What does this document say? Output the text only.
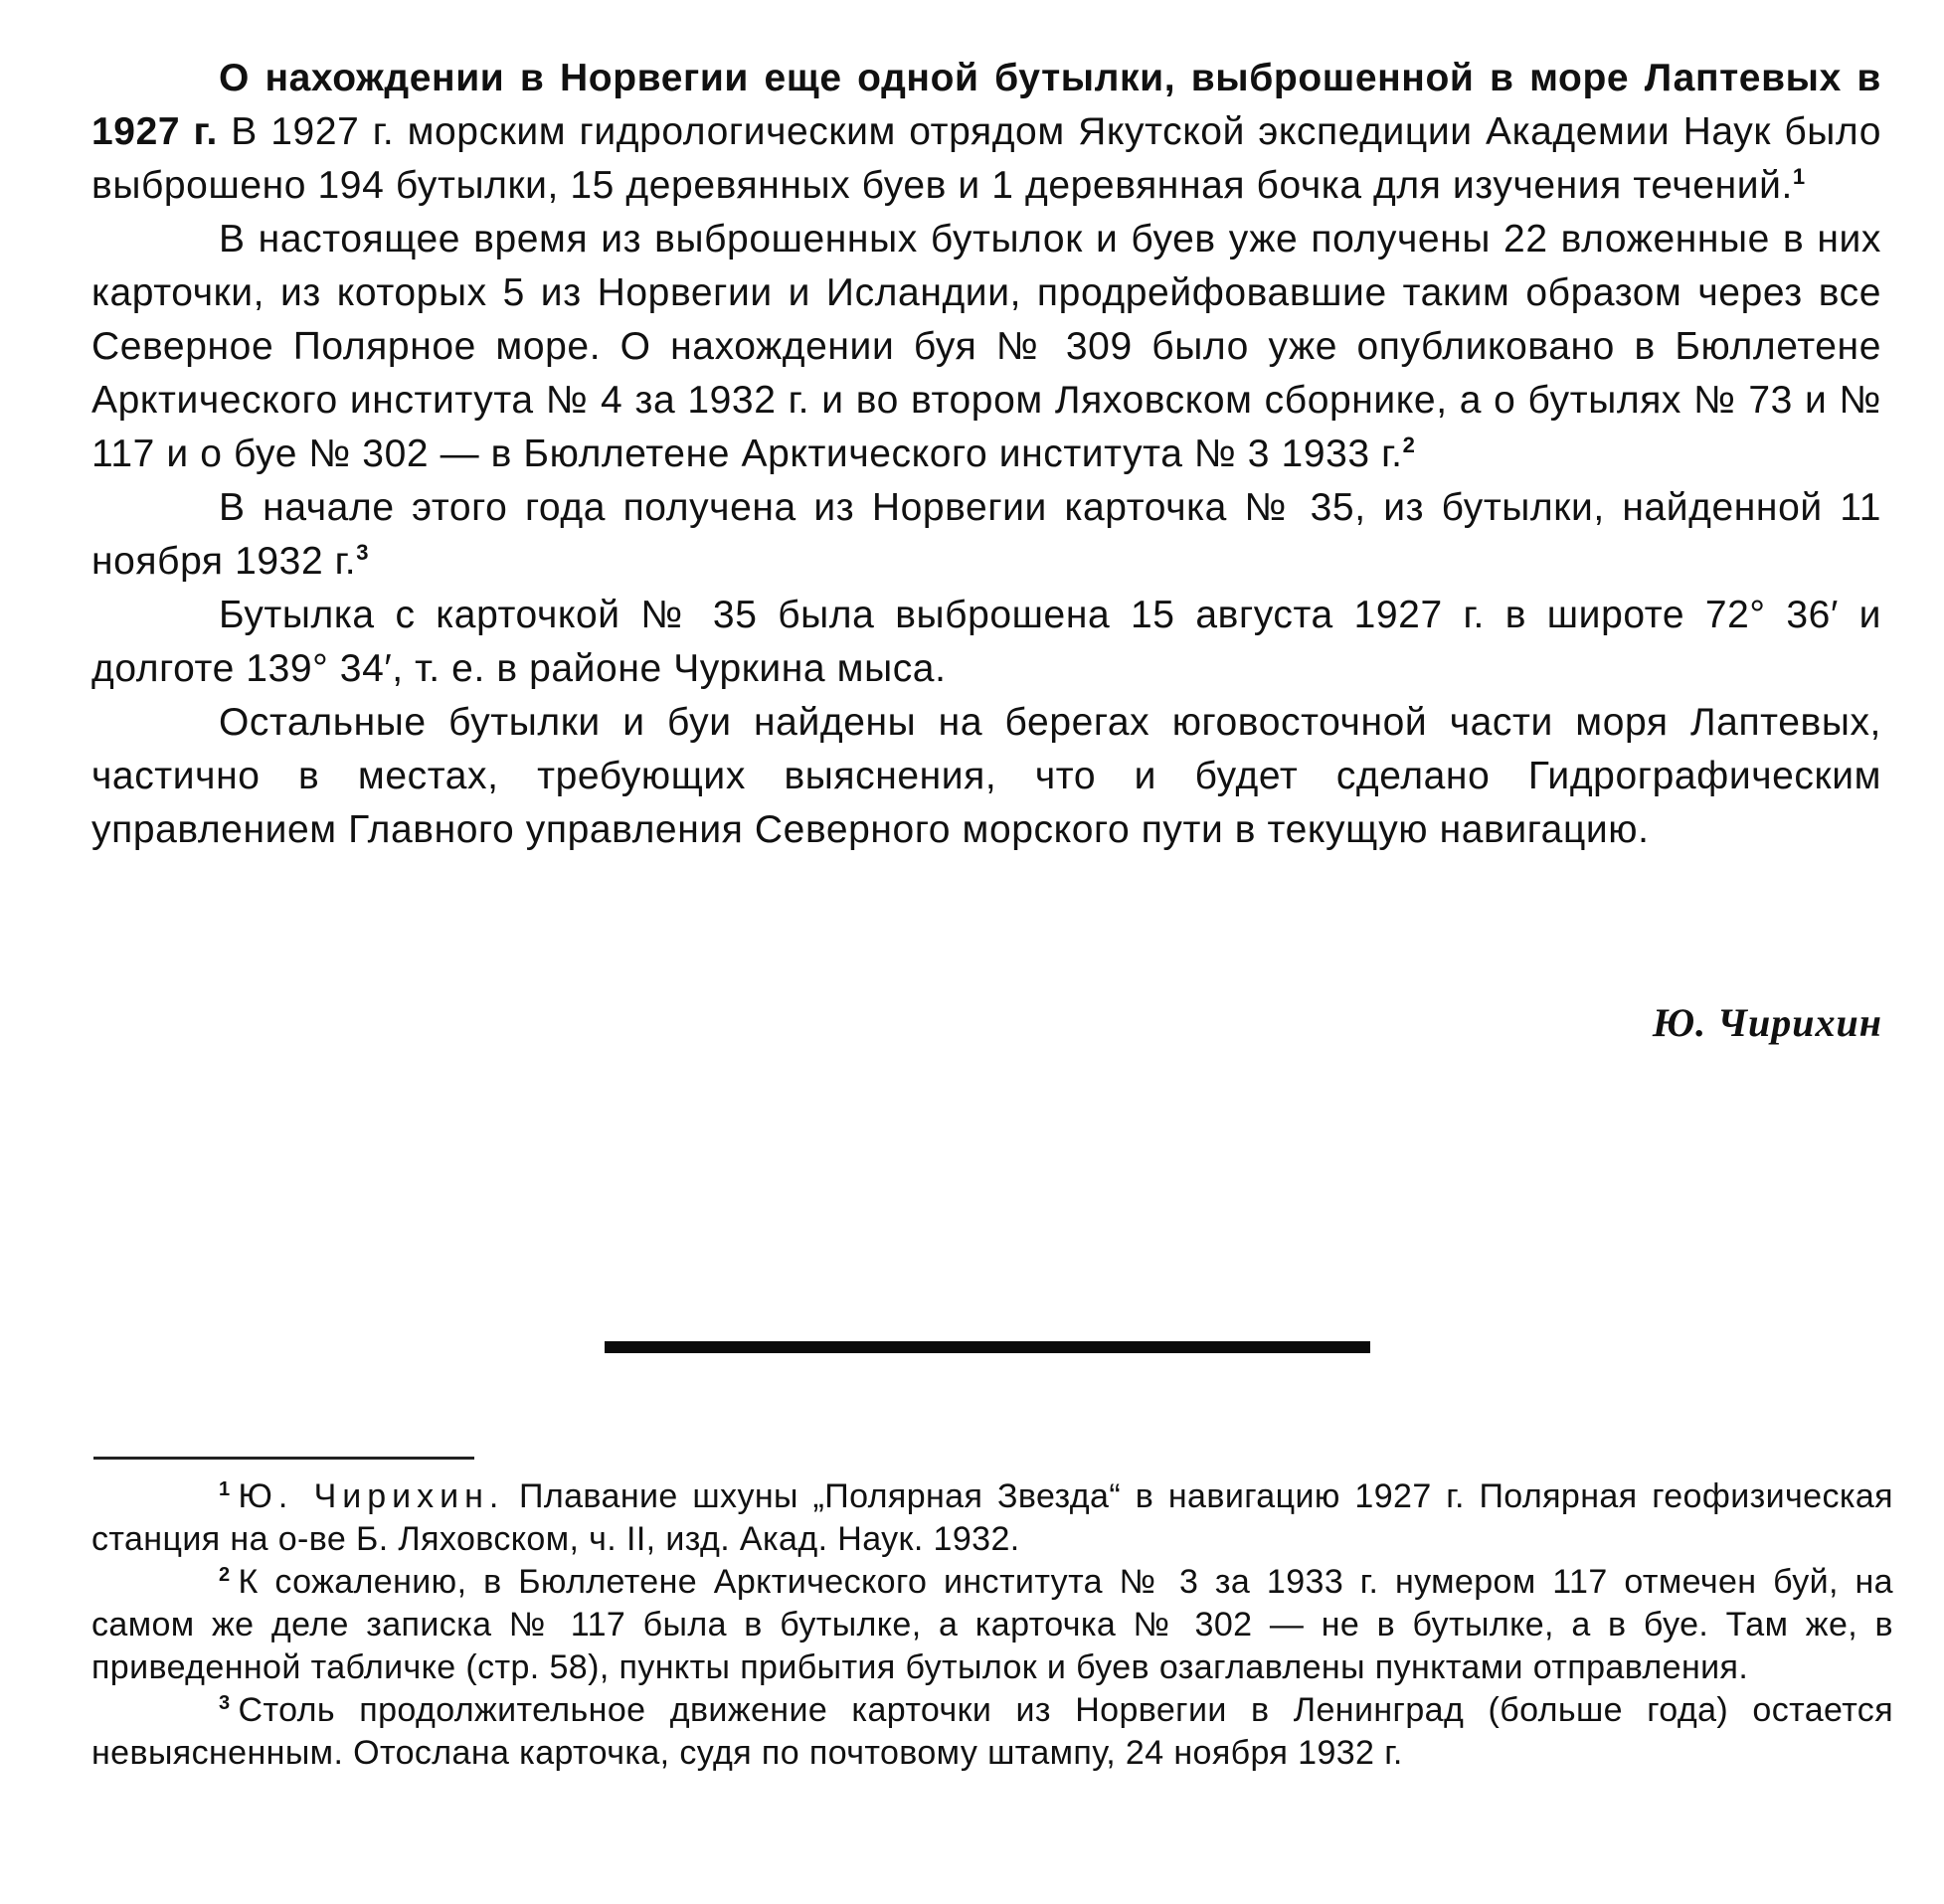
О нахождении в Норвегии еще одной бутылки, выброшенной в море Лаптевых в 1927 г. В 1927 г. морским гидрологическим отрядом Якутской экспедиции Академии Наук было выброшено 194 бутылки, 15 деревянных буев и 1 деревянная бочка для изучения течений.$^1$

В настоящее время из выброшенных бутылок и буев уже получены 22 вложенные в них карточки, из которых 5 из Норвегии и Исландии, продрейфовавшие таким образом через все Северное Полярное море. О нахождении буя № 309 было уже опубликовано в Бюллетене Арктического института № 4 за 1932 г. и во втором Ляховском сборнике, а о бутылях № 73 и № 117 и о буе № 302 — в Бюллетене Арктического института № 3 1933 г.$^2$

В начале этого года получена из Норвегии карточка № 35, из бутылки, найденной 11 ноября 1932 г.$^3$

Бутылка с карточкой № 35 была выброшена 15 августа 1927 г. в широте 72° 36′ и долготе 139° 34′, т. е. в районе Чуркина мыса.

Остальные бутылки и буи найдены на берегах юговосточной части моря Лаптевых, частично в местах, требующих выяснения, что и будет сделано Гидрографическим управлением Главного управления Северного морского пути в текущую навигацию.

Ю. Чирихин

$^1$ Ю. Чирихин. Плавание шхуны „Полярная Звезда“ в навигацию 1927 г. Полярная геофизическая станция на о-ве Б. Ляховском, ч. II, изд. Акад. Наук. 1932.

$^2$ К сожалению, в Бюллетене Арктического института № 3 за 1933 г. нумером 117 отмечен буй, на самом же деле записка № 117 была в бутылке, а карточка № 302 — не в бутылке, а в буе. Там же, в приведенной табличке (стр. 58), пункты прибытия бутылок и буев озаглавлены пунктами отправления.

$^3$ Столь продолжительное движение карточки из Норвегии в Ленинград (больше года) остается невыясненным. Отослана карточка, судя по почтовому штампу, 24 ноября 1932 г.
